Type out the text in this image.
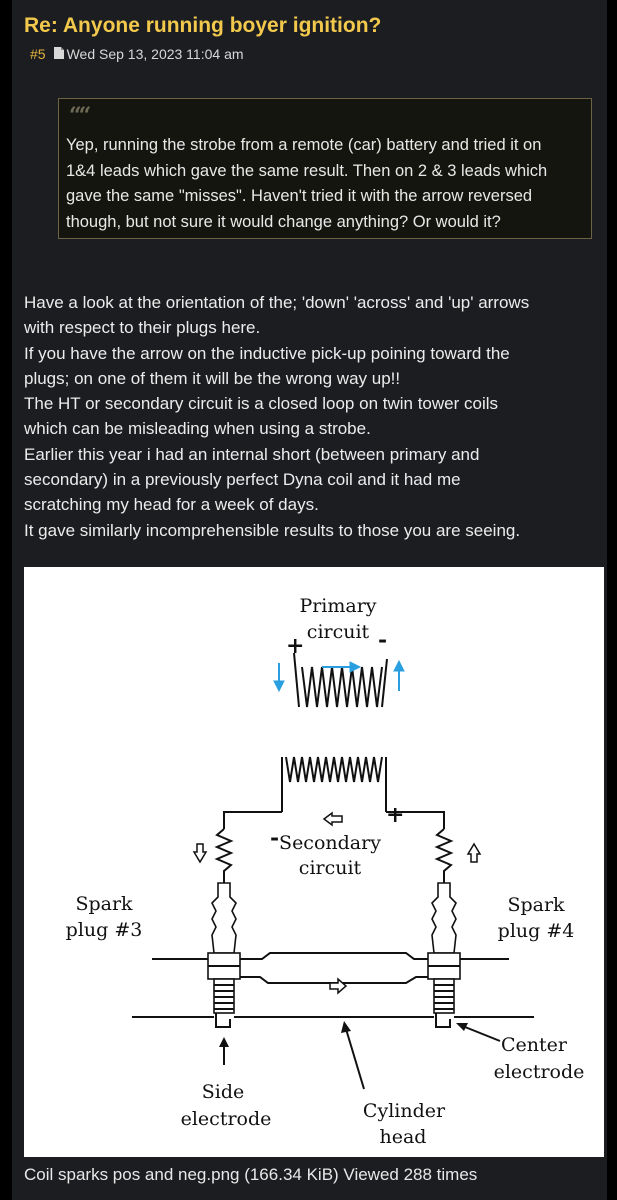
Re: Anyone running boyer ignition?
#5 Wed Sep 13, 2023 11:04 am
““
Yep, running the strobe from a remote (car) battery and tried it on
1&4 leads which gave the same result. Then on 2 & 3 leads which
gave the same "misses". Haven't tried it with the arrow reversed
though, but not sure it would change anything? Or would it?
Have a look at the orientation of the; 'down' 'across' and 'up' arrows
with respect to their plugs here.
If you have the arrow on the inductive pick-up poining toward the
plugs; on one of them it will be the wrong way up!!
The HT or secondary circuit is a closed loop on twin tower coils
which can be misleading when using a strobe.
Earlier this year i had an internal short (between primary and
secondary) in a previously perfect Dyna coil and it had me
scratching my head for a week of days.
It gave similarly incomprehensible results to those you are seeing.
Primary
circuit
+	-
-
+
Secondary
circuit
Spark
plug #3
Spark
plug #4
Center
electrode
Side
electrode	Cylinder
head
Coil sparks pos and neg.png (166.34 KiB) Viewed 288 times
